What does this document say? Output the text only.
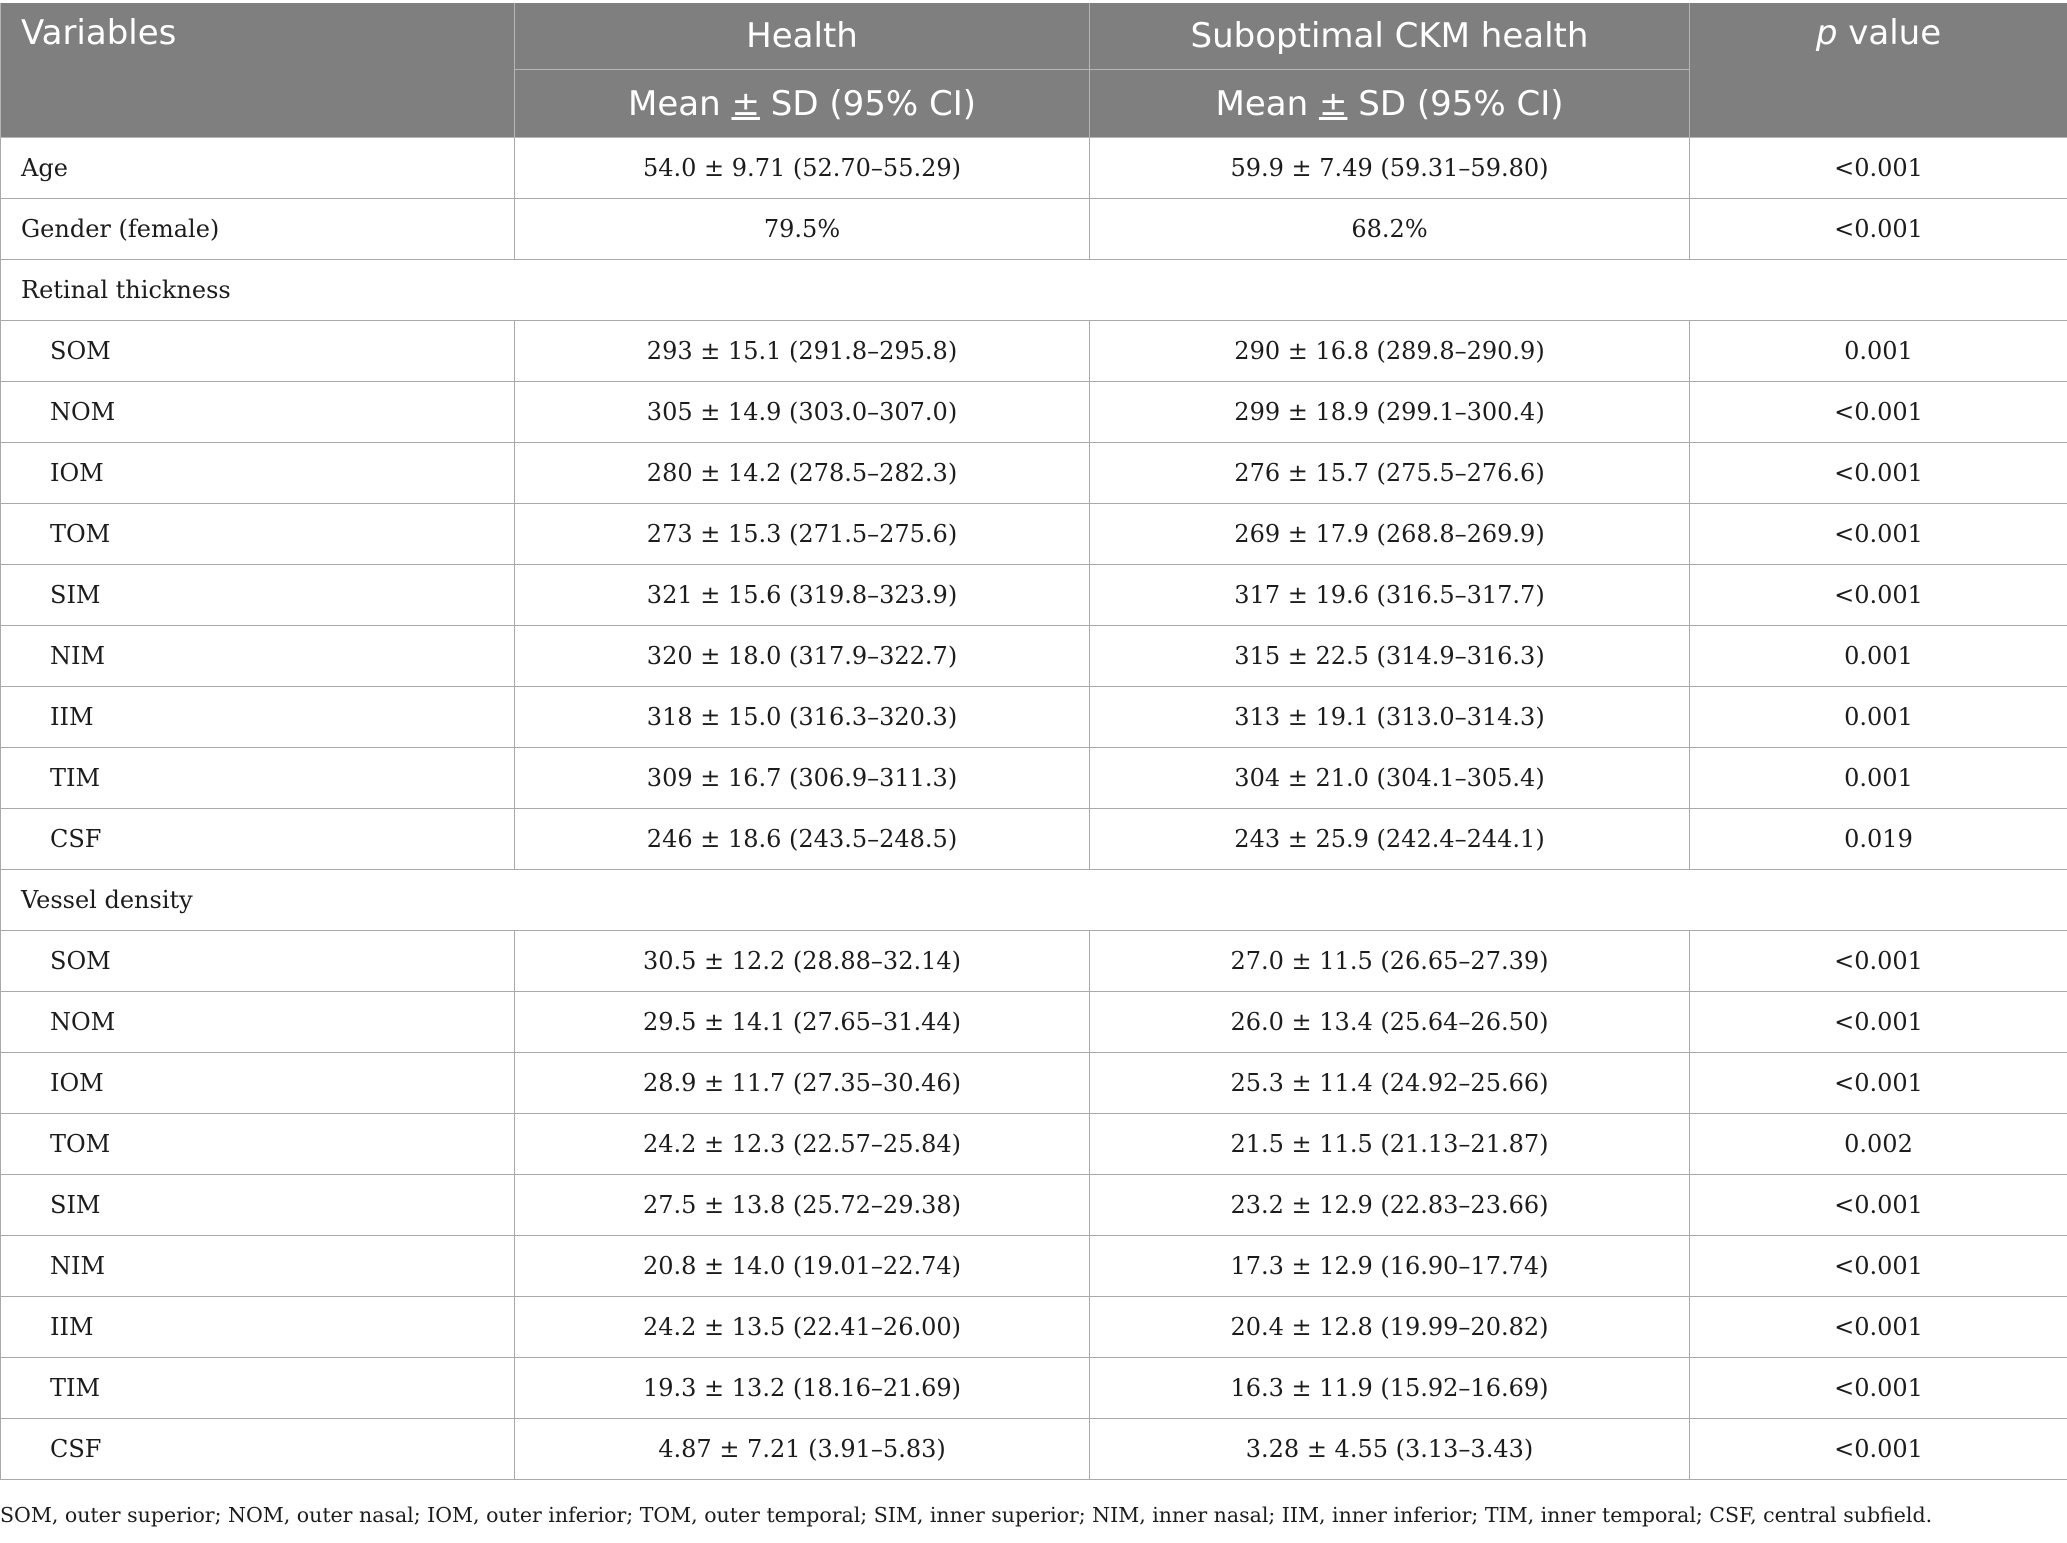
Variables	Health	Suboptimal CKM health	p value
	Mean ± SD (95% CI)	Mean ± SD (95% CI)	
Age	54.0 ± 9.71 (52.70–55.29)	59.9 ± 7.49 (59.31–59.80)	<0.001
Gender (female)	79.5%	68.2%	<0.001
Retinal thickness			
SOM	293 ± 15.1 (291.8–295.8)	290 ± 16.8 (289.8–290.9)	0.001
NOM	305 ± 14.9 (303.0–307.0)	299 ± 18.9 (299.1–300.4)	<0.001
IOM	280 ± 14.2 (278.5–282.3)	276 ± 15.7 (275.5–276.6)	<0.001
TOM	273 ± 15.3 (271.5–275.6)	269 ± 17.9 (268.8–269.9)	<0.001
SIM	321 ± 15.6 (319.8–323.9)	317 ± 19.6 (316.5–317.7)	<0.001
NIM	320 ± 18.0 (317.9–322.7)	315 ± 22.5 (314.9–316.3)	0.001
IIM	318 ± 15.0 (316.3–320.3)	313 ± 19.1 (313.0–314.3)	0.001
TIM	309 ± 16.7 (306.9–311.3)	304 ± 21.0 (304.1–305.4)	0.001
CSF	246 ± 18.6 (243.5–248.5)	243 ± 25.9 (242.4–244.1)	0.019
Vessel density			
SOM	30.5 ± 12.2 (28.88–32.14)	27.0 ± 11.5 (26.65–27.39)	<0.001
NOM	29.5 ± 14.1 (27.65–31.44)	26.0 ± 13.4 (25.64–26.50)	<0.001
IOM	28.9 ± 11.7 (27.35–30.46)	25.3 ± 11.4 (24.92–25.66)	<0.001
TOM	24.2 ± 12.3 (22.57–25.84)	21.5 ± 11.5 (21.13–21.87)	0.002
SIM	27.5 ± 13.8 (25.72–29.38)	23.2 ± 12.9 (22.83–23.66)	<0.001
NIM	20.8 ± 14.0 (19.01–22.74)	17.3 ± 12.9 (16.90–17.74)	<0.001
IIM	24.2 ± 13.5 (22.41–26.00)	20.4 ± 12.8 (19.99–20.82)	<0.001
TIM	19.3 ± 13.2 (18.16–21.69)	16.3 ± 11.9 (15.92–16.69)	<0.001
CSF	4.87 ± 7.21 (3.91–5.83)	3.28 ± 4.55 (3.13–3.43)	<0.001
SOM, outer superior; NOM, outer nasal; IOM, outer inferior; TOM, outer temporal; SIM, inner superior; NIM, inner nasal; IIM, inner inferior; TIM, inner temporal; CSF, central subfield.
